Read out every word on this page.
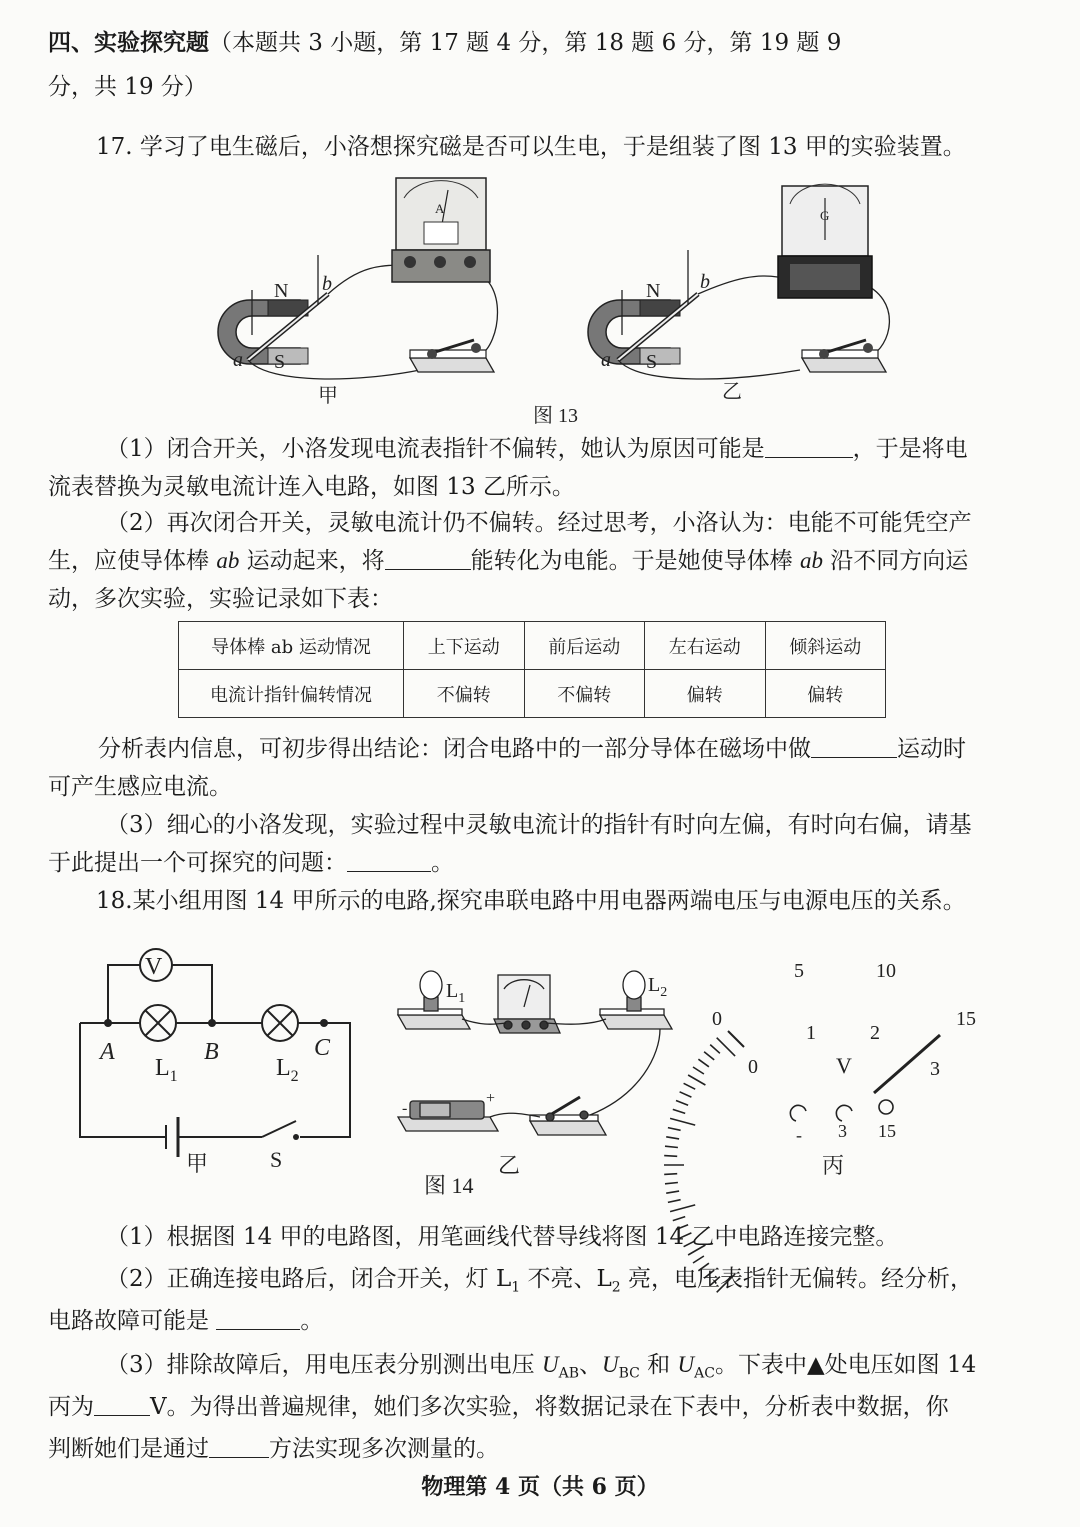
四、实验探究题（本题共 3 小题，第 17 题 4 分，第 18 题 6 分，第 19 题 9

分，共 19 分）

17. 学习了电生磁后，小洛想探究磁是否可以生电，于是组装了图 13 甲的实验装置。

N
S
a
b
A
甲
N
S
a
b
G
乙
图 13

（1）闭合开关，小洛发现电流表指针不偏转，她认为原因可能是	，于是将电

流表替换为灵敏电流计连入电路，如图 13 乙所示。

（2）再次闭合开关，灵敏电流计仍不偏转。经过思考，小洛认为：电能不可能凭空产

生，应使导体棒 ab 运动起来，将	能转化为电能。于是她使导体棒 ab 沿不同方向运

动，多次实验，实验记录如下表：

导体棒 ab 运动情况	上下运动	前后运动	左右运动	倾斜运动
电流计指针偏转情况	不偏转	不偏转	偏转	偏转

分析表内信息，可初步得出结论：闭合电路中的一部分导体在磁场中做	运动时

可产生感应电流。

（3）细心的小洛发现，实验过程中灵敏电流计的指针有时向左偏，有时向右偏，请基

于此提出一个可探究的问题：	。

18.某小组用图 14 甲所示的电路,探究串联电路中用电器两端电压与电源电压的关系。

V
A	B	C
$L_1$	$L_2$
S
甲
$L_1$
$L_2$
+
-
乙
图 14
0
5	10
15
0
1	2
3
V
- 3 15
丙

（1）根据图 14 甲的电路图，用笔画线代替导线将图 14 乙中电路连接完整。

（2）正确连接电路后，闭合开关，灯 $L_1$ 不亮、$L_2$ 亮，电压表指针无偏转。经分析，

电路故障可能是	。

（3）排除故障后，用电压表分别测出电压 $U_{AB}$、$U_{BC}$ 和 $U_{AC}$。下表中▲处电压如图 14

丙为 V。为得出普遍规律，她们多次实验，将数据记录在下表中，分析表中数据，你

判断她们是通过	方法实现多次测量的。

物理第 4 页（共 6 页）
